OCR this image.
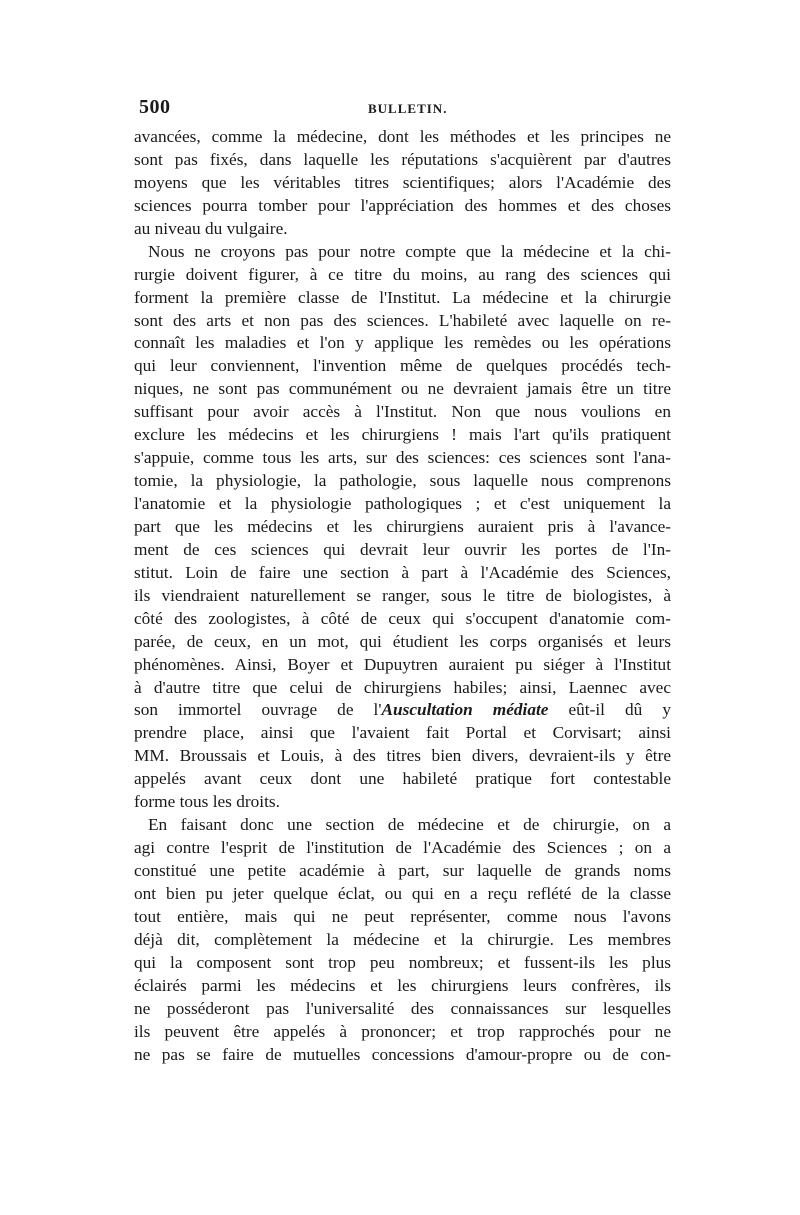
500	BULLETIN.
avancées, comme la médecine, dont les méthodes et les principes ne
sont pas fixés, dans laquelle les réputations s'acquièrent par d'autres
moyens que les véritables titres scientifiques; alors l'Académie des
sciences pourra tomber pour l'appréciation des hommes et des choses
au niveau du vulgaire.
Nous ne croyons pas pour notre compte que la médecine et la chi-
rurgie doivent figurer, à ce titre du moins, au rang des sciences qui
forment la première classe de l'Institut. La médecine et la chirurgie
sont des arts et non pas des sciences. L'habileté avec laquelle on re-
connaît les maladies et l'on y applique les remèdes ou les opérations
qui leur conviennent, l'invention même de quelques procédés tech-
niques, ne sont pas communément ou ne devraient jamais être un titre
suffisant pour avoir accès à l'Institut. Non que nous voulions en
exclure les médecins et les chirurgiens ! mais l'art qu'ils pratiquent
s'appuie, comme tous les arts, sur des sciences: ces sciences sont l'ana-
tomie, la physiologie, la pathologie, sous laquelle nous comprenons
l'anatomie et la physiologie pathologiques ; et c'est uniquement la
part que les médecins et les chirurgiens auraient pris à l'avance-
ment de ces sciences qui devrait leur ouvrir les portes de l'In-
stitut. Loin de faire une section à part à l'Académie des Sciences,
ils viendraient naturellement se ranger, sous le titre de biologistes, à
côté des zoologistes, à côté de ceux qui s'occupent d'anatomie com-
parée, de ceux, en un mot, qui étudient les corps organisés et leurs
phénomènes. Ainsi, Boyer et Dupuytren auraient pu siéger à l'Institut
à d'autre titre que celui de chirurgiens habiles; ainsi, Laennec avec
son immortel ouvrage de l'Auscultation médiate eût-il dû y
prendre place, ainsi que l'avaient fait Portal et Corvisart; ainsi
MM. Broussais et Louis, à des titres bien divers, devraient-ils y être
appelés avant ceux dont une habileté pratique fort contestable
forme tous les droits.
En faisant donc une section de médecine et de chirurgie, on a
agi contre l'esprit de l'institution de l'Académie des Sciences ; on a
constitué une petite académie à part, sur laquelle de grands noms
ont bien pu jeter quelque éclat, ou qui en a reçu reflété de la classe
tout entière, mais qui ne peut représenter, comme nous l'avons
déjà dit, complètement la médecine et la chirurgie. Les membres
qui la composent sont trop peu nombreux; et fussent-ils les plus
éclairés parmi les médecins et les chirurgiens leurs confrères, ils
ne posséderont pas l'universalité des connaissances sur lesquelles
ils peuvent être appelés à prononcer; et trop rapprochés pour ne
ne pas se faire de mutuelles concessions d'amour-propre ou de con-
